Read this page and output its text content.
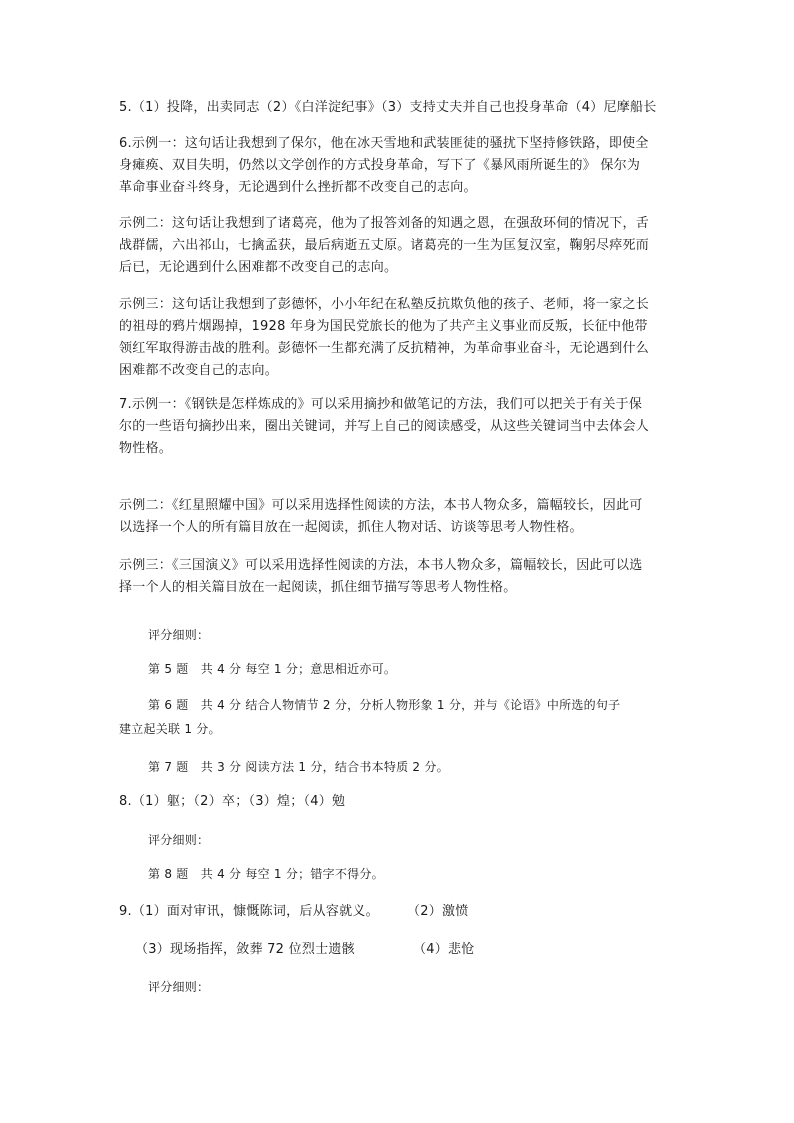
5.（1）投降，出卖同志（2）《白洋淀纪事》（3）支持丈夫并自己也投身革命（4）尼摩船长
6.示例一：这句话让我想到了保尔，他在冰天雪地和武装匪徒的骚扰下坚持修铁路，即使全
身瘫痪、双目失明，仍然以文学创作的方式投身革命，写下了《暴风雨所诞生的》 保尔为
革命事业奋斗终身，无论遇到什么挫折都不改变自己的志向。
示例二：这句话让我想到了诸葛亮，他为了报答刘备的知遇之恩，在强敌环伺的情况下，舌
战群儒，六出祁山，七擒孟获，最后病逝五丈原。诸葛亮的一生为匡复汉室，鞠躬尽瘁死而
后已，无论遇到什么困难都不改变自己的志向。
示例三：这句话让我想到了彭德怀，小小年纪在私塾反抗欺负他的孩子、老师，将一家之长
的祖母的鸦片烟踢掉，1928 年身为国民党旅长的他为了共产主义事业而反叛，长征中他带
领红军取得游击战的胜利。彭德怀一生都充满了反抗精神，为革命事业奋斗，无论遇到什么
困难都不改变自己的志向。
7.示例一：《钢铁是怎样炼成的》可以采用摘抄和做笔记的方法，我们可以把关于有关于保
尔的一些语句摘抄出来，圈出关键词，并写上自己的阅读感受，从这些关键词当中去体会人
物性格。
示例二：《红星照耀中国》可以采用选择性阅读的方法，本书人物众多，篇幅较长，因此可
以选择一个人的所有篇目放在一起阅读，抓住人物对话、访谈等思考人物性格。
示例三：《三国演义》可以采用选择性阅读的方法，本书人物众多，篇幅较长，因此可以选
择一个人的相关篇目放在一起阅读，抓住细节描写等思考人物性格。
评分细则：
第 5 题　共 4 分 每空 1 分；意思相近亦可。
第 6 题　共 4 分 结合人物情节 2 分，分析人物形象 1 分，并与《论语》中所选的句子
建立起关联 1 分。
第 7 题　共 3 分 阅读方法 1 分，结合书本特质 2 分。
8.（1）躯；（2）卒；（3）煌；（4）勉
评分细则：
第 8 题　共 4 分 每空 1 分；错字不得分。
9.（1）面对审讯，慷慨陈词，后从容就义。 （2）激愤
（3）现场指挥，敛葬 72 位烈士遗骸	（4）悲怆
评分细则：
